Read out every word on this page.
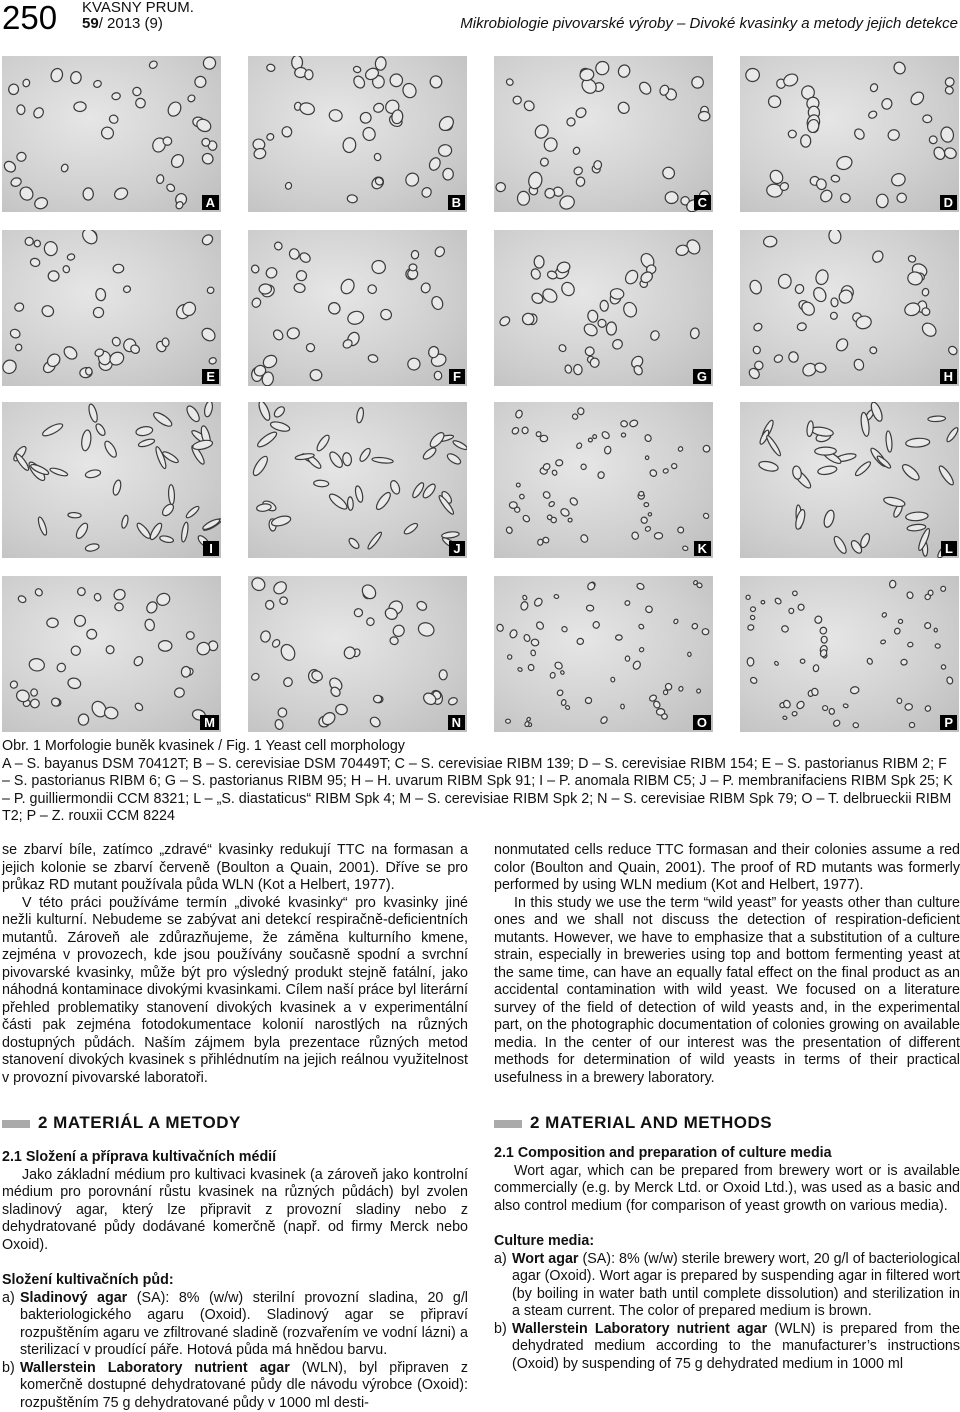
250 KVASNY PRUM.
59/ 2013 (9)	Mikrobiologie pivovarské výroby – Divoké kvasinky a metody jejich detekce
A	B	C	D
E	F	G	H
I	J	K	L
M	N	O	P

Obr. 1 Morfologie buněk kvasinek / Fig. 1 Yeast cell morphology

A – S. bayanus DSM 70412T; B – S. cerevisiae DSM 70449T; C – S. cerevisiae RIBM 139; D – S. cerevisiae RIBM 154; E – S. pastorianus RIBM 2; F – S. pastorianus RIBM 6; G – S. pastorianus RIBM 95; H – H. uvarum RIBM Spk 91; I – P. anomala RIBM C5; J – P. membranifaciens RIBM Spk 25; K – P. guilliermondii CCM 8321; L – „S. diastaticus“ RIBM Spk 4; M – S. cerevisiae RIBM Spk 2; N – S. cerevisiae RIBM Spk 79; O – T. delbrueckii RIBM T2; P – Z. rouxii CCM 8224

se zbarví bíle, zatímco „zdravé“ kvasinky redukují TTC na formasan a jejich kolonie se zbarví červeně (Boulton a Quain, 2001). Dříve se pro průkaz RD mutant používala půda WLN (Kot a Helbert, 1977).

V této práci používáme termín „divoké kvasinky“ pro kvasinky jiné nežli kulturní. Nebudeme se zabývat ani detekcí respiračně-deficientních mutantů. Zároveň ale zdůrazňujeme, že záměna kulturního kmene, zejména v provozech, kde jsou používány současně spodní a svrchní pivovarské kvasinky, může být pro výsledný produkt stejně fatální, jako náhodná kontaminace divokými kvasinkami. Cílem naší práce byl literární přehled problematiky stanovení divokých kvasinek a v experimentální části pak zejména fotodokumentace kolonií narostlých na různých dostupných půdách. Naším zájmem byla prezentace různých metod stanovení divokých kvasinek s přihlédnutím na jejich reálnou využitelnost v provozní pivovarské laboratoři.

2 MATERIÁL A METODY

2.1 Složení a příprava kultivačních médií

Jako základní médium pro kultivaci kvasinek (a zároveň jako kontrolní médium pro porovnání růstu kvasinek na různých půdách) byl zvolen sladinový agar, který lze připravit z provozní sladiny nebo z dehydratované půdy dodávané komerčně (např. od firmy Merck nebo Oxoid).

Složení kultivačních půd:

a) Sladinový agar (SA): 8% (w/w) sterilní provozní sladina, 20 g/l bakteriologického agaru (Oxoid). Sladinový agar se připraví rozpuštěním agaru ve zfiltrované sladině (rozvařením ve vodní lázni) a sterilizací v proudící páře. Hotová půda má hnědou barvu.

b) Wallerstein Laboratory nutrient agar (WLN), byl připraven z komerčně dostupné dehydratované půdy dle návodu výrobce (Oxoid): rozpuštěním 75 g dehydratované půdy v 1000 ml desti-

nonmutated cells reduce TTC formasan and their colonies assume a red color (Boulton and Quain, 2001). The proof of RD mutants was formerly performed by using WLN medium (Kot and Helbert, 1977).

In this study we use the term “wild yeast” for yeasts other than culture ones and we shall not discuss the detection of respiration-deficient mutants. However, we have to emphasize that a substitution of a culture strain, especially in breweries using top and bottom fermenting yeast at the same time, can have an equally fatal effect on the final product as an accidental contamination with wild yeast. We focused on a literature survey of the field of detection of wild yeasts and, in the experimental part, on the photographic documentation of colonies growing on available media. In the center of our interest was the presentation of different methods for determination of wild yeasts in terms of their practical usefulness in a brewery laboratory.

2 MATERIAL AND METHODS

2.1 Composition and preparation of culture media

Wort agar, which can be prepared from brewery wort or is available commercially (e.g. by Merck Ltd. or Oxoid Ltd.), was used as a basic and also control medium (for comparison of yeast growth on various media).

Culture media:

a) Wort agar (SA): 8% (w/w) sterile brewery wort, 20 g/l of bacteriological agar (Oxoid). Wort agar is prepared by suspending agar in filtered wort (by boiling in water bath until complete dissolution) and sterilization in a steam current. The color of prepared medium is brown.

b) Wallerstein Laboratory nutrient agar (WLN) is prepared from the dehydrated medium according to the manufacturer’s instructions (Oxoid) by suspending of 75 g dehydrated medium in 1000 ml
